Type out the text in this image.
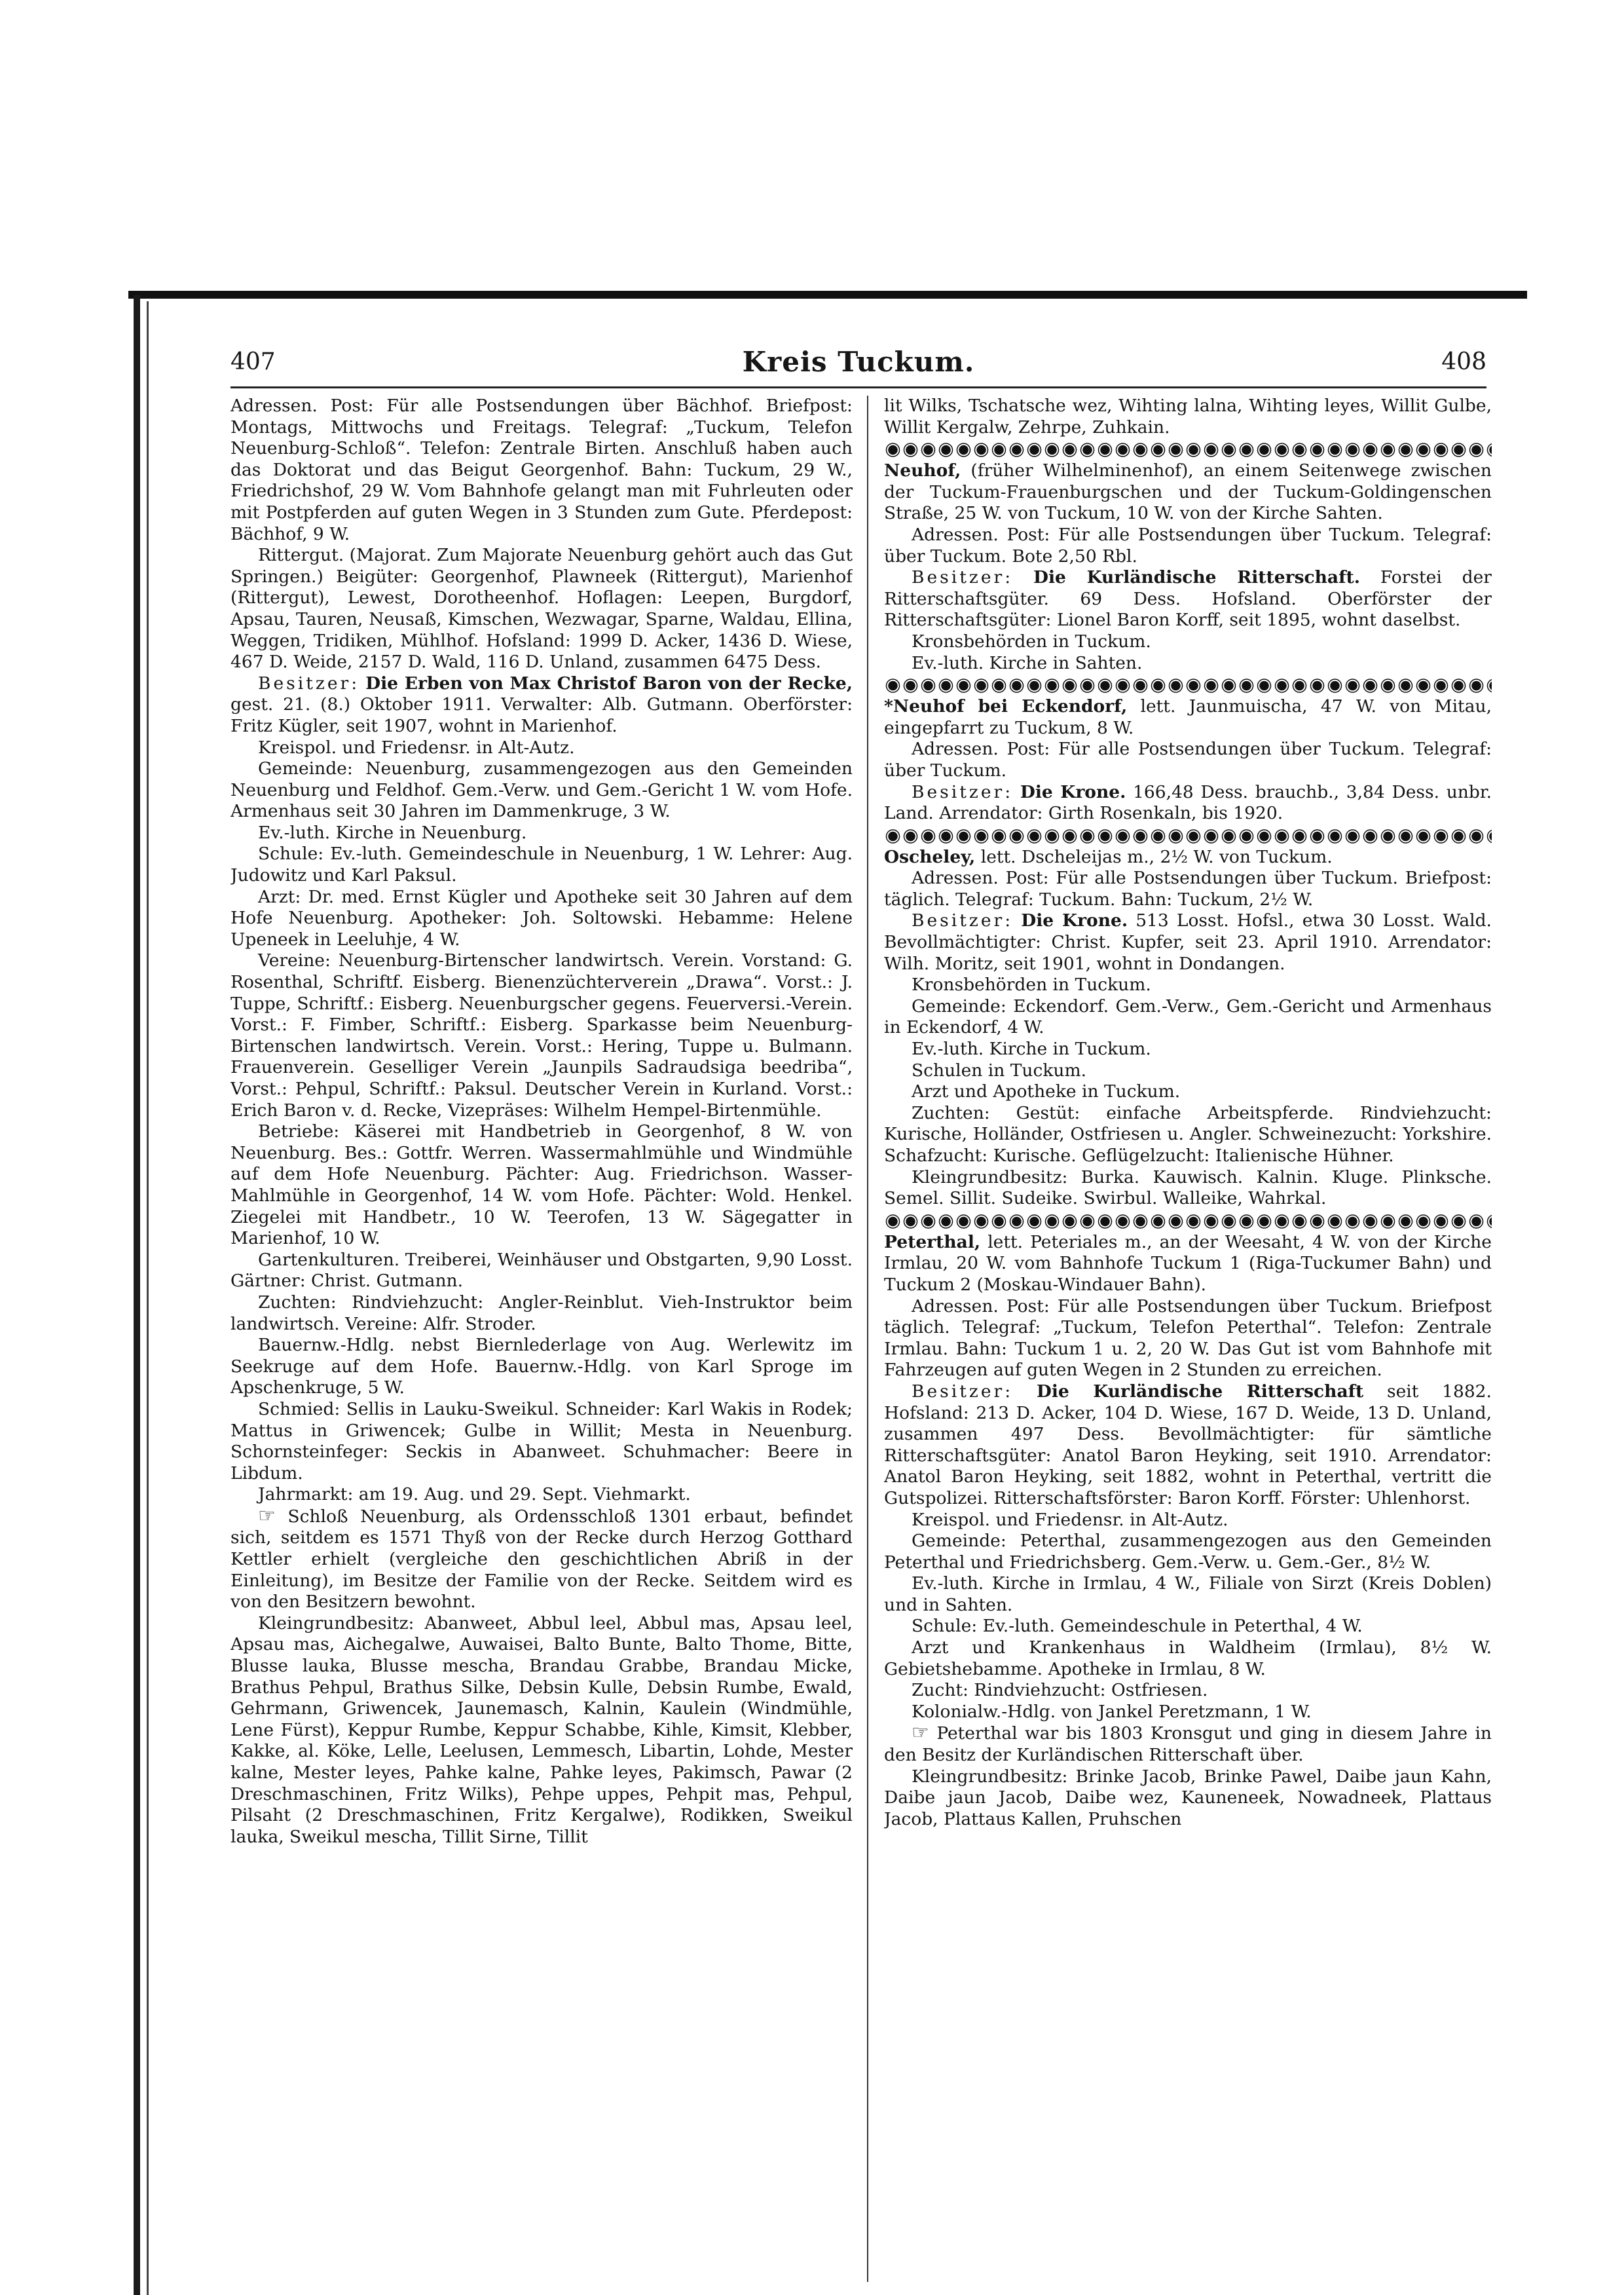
407	Kreis Tuckum.	408

Adressen. Post: Für alle Postsendungen über Bächhof. Briefpost: Montags, Mittwochs und Freitags. Telegraf: „Tuckum, Telefon Neuenburg-Schloß“. Telefon: Zentrale Birten. Anschluß haben auch das Doktorat und das Beigut Georgenhof. Bahn: Tuckum, 29 W., Friedrichshof, 29 W. Vom Bahnhofe gelangt man mit Fuhrleuten oder mit Postpferden auf guten Wegen in 3 Stunden zum Gute. Pferdepost: Bächhof, 9 W.

Rittergut. (Majorat. Zum Majorate Neuenburg gehört auch das Gut Springen.) Beigüter: Georgenhof, Plawneek (Rittergut), Marienhof (Rittergut), Lewest, Dorotheenhof. Hoflagen: Leepen, Burgdorf, Apsau, Tauren, Neusaß, Kimschen, Wezwagar, Sparne, Waldau, Ellina, Weggen, Tridiken, Mühlhof. Hofsland: 1999 D. Acker, 1436 D. Wiese, 467 D. Weide, 2157 D. Wald, 116 D. Unland, zusammen 6475 Dess.

Besitzer: Die Erben von Max Christof Baron von der Recke, gest. 21. (8.) Oktober 1911. Verwalter: Alb. Gutmann. Oberförster: Fritz Kügler, seit 1907, wohnt in Marienhof.

Kreispol. und Friedensr. in Alt-Autz.

Gemeinde: Neuenburg, zusammengezogen aus den Gemeinden Neuenburg und Feldhof. Gem.-Verw. und Gem.-Gericht 1 W. vom Hofe. Armenhaus seit 30 Jahren im Dammenkruge, 3 W.

Ev.-luth. Kirche in Neuenburg.

Schule: Ev.-luth. Gemeindeschule in Neuenburg, 1 W. Lehrer: Aug. Judowitz und Karl Paksul.

Arzt: Dr. med. Ernst Kügler und Apotheke seit 30 Jahren auf dem Hofe Neuenburg. Apotheker: Joh. Soltowski. Hebamme: Helene Upeneek in Leeluhje, 4 W.

Vereine: Neuenburg-Birtenscher landwirtsch. Verein. Vorstand: G. Rosenthal, Schriftf. Eisberg. Bienenzüchterverein „Drawa“. Vorst.: J. Tuppe, Schriftf.: Eisberg. Neuenburgscher gegens. Feuerversi.-Verein. Vorst.: F. Fimber, Schriftf.: Eisberg. Sparkasse beim Neuenburg-Birtenschen landwirtsch. Verein. Vorst.: Hering, Tuppe u. Bulmann. Frauenverein. Geselliger Verein „Jaunpils Sadraudsiga beedriba“, Vorst.: Pehpul, Schriftf.: Paksul. Deutscher Verein in Kurland. Vorst.: Erich Baron v. d. Recke, Vizepräses: Wilhelm Hempel-Birtenmühle.

Betriebe: Käserei mit Handbetrieb in Georgenhof, 8 W. von Neuenburg. Bes.: Gottfr. Werren. Wassermahlmühle und Windmühle auf dem Hofe Neuenburg. Pächter: Aug. Friedrichson. Wasser-Mahlmühle in Georgenhof, 14 W. vom Hofe. Pächter: Wold. Henkel. Ziegelei mit Handbetr., 10 W. Teerofen, 13 W. Sägegatter in Marienhof, 10 W.

Gartenkulturen. Treiberei, Weinhäuser und Obstgarten, 9,90 Losst. Gärtner: Christ. Gutmann.

Zuchten: Rindviehzucht: Angler-Reinblut. Vieh-Instruktor beim landwirtsch. Vereine: Alfr. Stroder.

Bauernw.-Hdlg. nebst Biernlederlage von Aug. Werlewitz im Seekruge auf dem Hofe. Bauernw.-Hdlg. von Karl Sproge im Apschenkruge, 5 W.

Schmied: Sellis in Lauku-Sweikul. Schneider: Karl Wakis in Rodek; Mattus in Griwencek; Gulbe in Willit; Mesta in Neuenburg. Schornsteinfeger: Seckis in Abanweet. Schuhmacher: Beere in Libdum.

Jahrmarkt: am 19. Aug. und 29. Sept. Viehmarkt.

☞ Schloß Neuenburg, als Ordensschloß 1301 erbaut, befindet sich, seitdem es 1571 Thyß von der Recke durch Herzog Gotthard Kettler erhielt (vergleiche den geschichtlichen Abriß in der Einleitung), im Besitze der Familie von der Recke. Seitdem wird es von den Besitzern bewohnt.

Kleingrundbesitz: Abanweet, Abbul leel, Abbul mas, Apsau leel, Apsau mas, Aichegalwe, Auwaisei, Balto Bunte, Balto Thome, Bitte, Blusse lauka, Blusse mescha, Brandau Grabbe, Brandau Micke, Brathus Pehpul, Brathus Silke, Debsin Kulle, Debsin Rumbe, Ewald, Gehrmann, Griwencek, Jaunemasch, Kalnin, Kaulein (Windmühle, Lene Fürst), Keppur Rumbe, Keppur Schabbe, Kihle, Kimsit, Klebber, Kakke, al. Köke, Lelle, Leelusen, Lemmesch, Libartin, Lohde, Mester kalne, Mester leyes, Pahke kalne, Pahke leyes, Pakimsch, Pawar (2 Dreschmaschinen, Fritz Wilks), Pehpe uppes, Pehpit mas, Pehpul, Pilsaht (2 Dreschmaschinen, Fritz Kergalwe), Rodikken, Sweikul lauka, Sweikul mescha, Tillit Sirne, Tillit

lit Wilks, Tschatsche wez, Wihting lalna, Wihting leyes, Willit Gulbe, Willit Kergalw, Zehrpe, Zuhkain.

Neuhof, (früher Wilhelminenhof), an einem Seitenwege zwischen der Tuckum-Frauenburgschen und der Tuckum-Goldingenschen Straße, 25 W. von Tuckum, 10 W. von der Kirche Sahten.

Adressen. Post: Für alle Postsendungen über Tuckum. Telegraf: über Tuckum. Bote 2,50 Rbl.

Besitzer: Die Kurländische Ritterschaft. Forstei der Ritterschaftsgüter. 69 Dess. Hofsland. Oberförster der Ritterschaftsgüter: Lionel Baron Korff, seit 1895, wohnt daselbst.

Kronsbehörden in Tuckum.

Ev.-luth. Kirche in Sahten.

*Neuhof bei Eckendorf, lett. Jaunmuischa, 47 W. von Mitau, eingepfarrt zu Tuckum, 8 W.

Adressen. Post: Für alle Postsendungen über Tuckum. Telegraf: über Tuckum.

Besitzer: Die Krone. 166,48 Dess. brauchb., 3,84 Dess. unbr. Land. Arrendator: Girth Rosenkaln, bis 1920.

Oscheley, lett. Dscheleijas m., 2½ W. von Tuckum.

Adressen. Post: Für alle Postsendungen über Tuckum. Briefpost: täglich. Telegraf: Tuckum. Bahn: Tuckum, 2½ W.

Besitzer: Die Krone. 513 Losst. Hofsl., etwa 30 Losst. Wald. Bevollmächtigter: Christ. Kupfer, seit 23. April 1910. Arrendator: Wilh. Moritz, seit 1901, wohnt in Dondangen.

Kronsbehörden in Tuckum.

Gemeinde: Eckendorf. Gem.-Verw., Gem.-Gericht und Armenhaus in Eckendorf, 4 W.

Ev.-luth. Kirche in Tuckum.

Schulen in Tuckum.

Arzt und Apotheke in Tuckum.

Zuchten: Gestüt: einfache Arbeitspferde. Rindviehzucht: Kurische, Holländer, Ostfriesen u. Angler. Schweinezucht: Yorkshire. Schafzucht: Kurische. Geflügelzucht: Italienische Hühner.

Kleingrundbesitz: Burka. Kauwisch. Kalnin. Kluge. Plinksche. Semel. Sillit. Sudeike. Swirbul. Walleike, Wahrkal.

Peterthal, lett. Peteriales m., an der Weesaht, 4 W. von der Kirche Irmlau, 20 W. vom Bahnhofe Tuckum 1 (Riga-Tuckumer Bahn) und Tuckum 2 (Moskau-Windauer Bahn).

Adressen. Post: Für alle Postsendungen über Tuckum. Briefpost täglich. Telegraf: „Tuckum, Telefon Peterthal“. Telefon: Zentrale Irmlau. Bahn: Tuckum 1 u. 2, 20 W. Das Gut ist vom Bahnhofe mit Fahrzeugen auf guten Wegen in 2 Stunden zu erreichen.

Besitzer: Die Kurländische Ritterschaft seit 1882. Hofsland: 213 D. Acker, 104 D. Wiese, 167 D. Weide, 13 D. Unland, zusammen 497 Dess. Bevollmächtigter: für sämtliche Ritterschaftsgüter: Anatol Baron Heyking, seit 1910. Arrendator: Anatol Baron Heyking, seit 1882, wohnt in Peterthal, vertritt die Gutspolizei. Ritterschaftsförster: Baron Korff. Förster: Uhlenhorst.

Kreispol. und Friedensr. in Alt-Autz.

Gemeinde: Peterthal, zusammengezogen aus den Gemeinden Peterthal und Friedrichsberg. Gem.-Verw. u. Gem.-Ger., 8½ W.

Ev.-luth. Kirche in Irmlau, 4 W., Filiale von Sirzt (Kreis Doblen) und in Sahten.

Schule: Ev.-luth. Gemeindeschule in Peterthal, 4 W.

Arzt und Krankenhaus in Waldheim (Irmlau), 8½ W. Gebietshebamme. Apotheke in Irmlau, 8 W.

Zucht: Rindviehzucht: Ostfriesen.

Kolonialw.-Hdlg. von Jankel Peretzmann, 1 W.

☞ Peterthal war bis 1803 Kronsgut und ging in diesem Jahre in den Besitz der Kurländischen Ritterschaft über.

Kleingrundbesitz: Brinke Jacob, Brinke Pawel, Daibe jaun Kahn, Daibe jaun Jacob, Daibe wez, Kauneneek, Nowadneek, Plattaus Jacob, Plattaus Kallen, Pruhschen
